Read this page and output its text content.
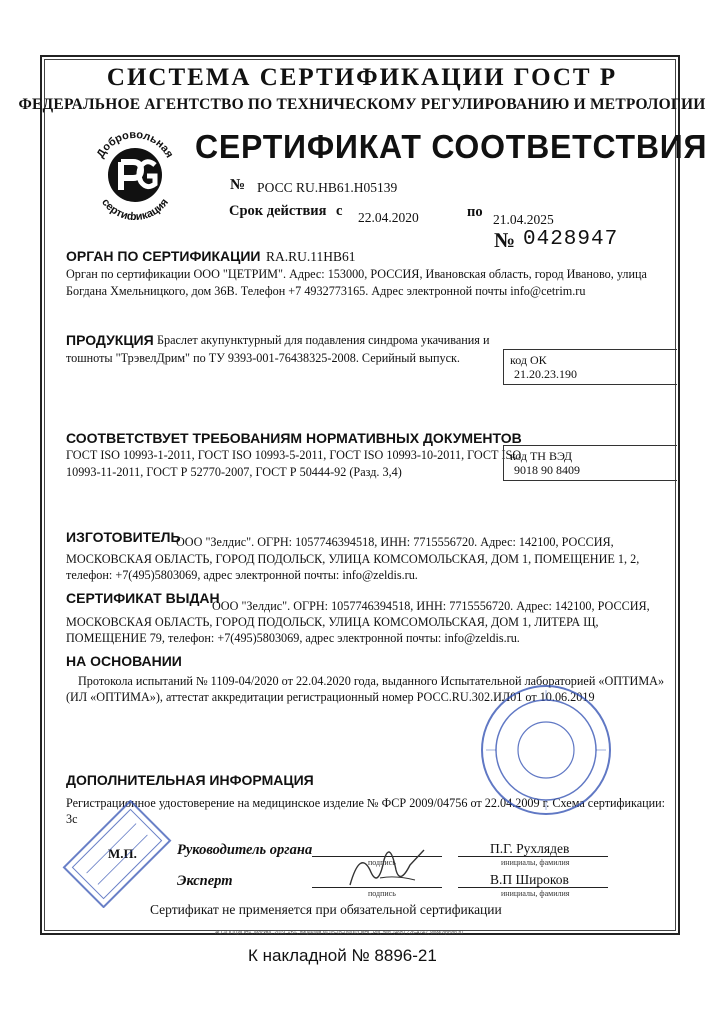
СИСТЕМА СЕРТИФИКАЦИИ ГОСТ Р
ФЕДЕРАЛЬНОЕ АГЕНТСТВО ПО ТЕХНИЧЕСКОМУ РЕГУЛИРОВАНИЮ И МЕТРОЛОГИИ
Добровольная
сертификация
СЕРТИФИКАТ СООТВЕТСТВИЯ
№ РОСС RU.НВ61.Н05139
Срок действия с 22.04.2020	по 21.04.2025
№ 0428947
ОРГАН ПО СЕРТИФИКАЦИИ RA.RU.11НВ61
Орган по сертификации ООО "ЦЕТРИМ". Адрес: 153000, РОССИЯ, Ивановская область, город Иваново, улица
Богдана Хмельницкого, дом 36В. Телефон +7 4932773165. Адрес электронной почты info@cetrim.ru
ПРОДУКЦИЯ Браслет акупунктурный для подавления синдрома укачивания и
тошноты "ТрэвелДрим" по ТУ 9393-001-76438325-2008. Серийный выпуск.	код ОК
21.20.23.190
СООТВЕТСТВУЕТ ТРЕБОВАНИЯМ НОРМАТИВНЫХ ДОКУМЕНТОВ
ГОСТ ISO 10993-1-2011, ГОСТ ISO 10993-5-2011, ГОСТ ISO 10993-10-2011, ГОСТ ISO
10993-11-2011, ГОСТ Р 52770-2007, ГОСТ Р 50444-92 (Разд. 3,4)
код ТН ВЭД
9018 90 8409
ИЗГОТОВИТЕЛЬ
ООО "Зелдис". ОГРН: 1057746394518, ИНН: 7715556720. Адрес: 142100, РОССИЯ,
МОСКОВСКАЯ ОБЛАСТЬ, ГОРОД ПОДОЛЬСК, УЛИЦА КОМСОМОЛЬСКАЯ, ДОМ 1, ПОМЕЩЕНИЕ 1, 2,
телефон: +7(495)5803069, адрес электронной почты: info@zeldis.ru.
СЕРТИФИКАТ ВЫДАН
ООО "Зелдис". ОГРН: 1057746394518, ИНН: 7715556720. Адрес: 142100, РОССИЯ,
МОСКОВСКАЯ ОБЛАСТЬ, ГОРОД ПОДОЛЬСК, УЛИЦА КОМСОМОЛЬСКАЯ, ДОМ 1, ЛИТЕРА Щ,
ПОМЕЩЕНИЕ 79, телефон: +7(495)5803069, адрес электронной почты: info@zeldis.ru.
НА ОСНОВАНИИ
Протокола испытаний № 1109-04/2020 от 22.04.2020 года, выданного Испытательной лабораторией «ОПТИМА»
(ИЛ «ОПТИМА»), аттестат аккредитации регистрационный номер РОСС.RU.302.ИЛ01 от 10.06.2019
ДОПОЛНИТЕЛЬНАЯ ИНФОРМАЦИЯ
Регистрационное удостоверение на медицинское изделие № ФСР 2009/04756 от 22.04.2009 г. Схема сертификации:
3с
М.П.	Руководитель органа
подпись
П.Г. Рухлядев
инициалы, фамилия
Эксперт
подпись
В.П Широков
инициалы, фамилия
Сертификат не применяется при обязательной сертификации
АО «ОПЦИОН», Москва, 2019, «Б», лицензия № 05-05-09/003 ФНС РФ, тел. (495) 726-4742, www.opcion.ru
К накладной № 8896-21
